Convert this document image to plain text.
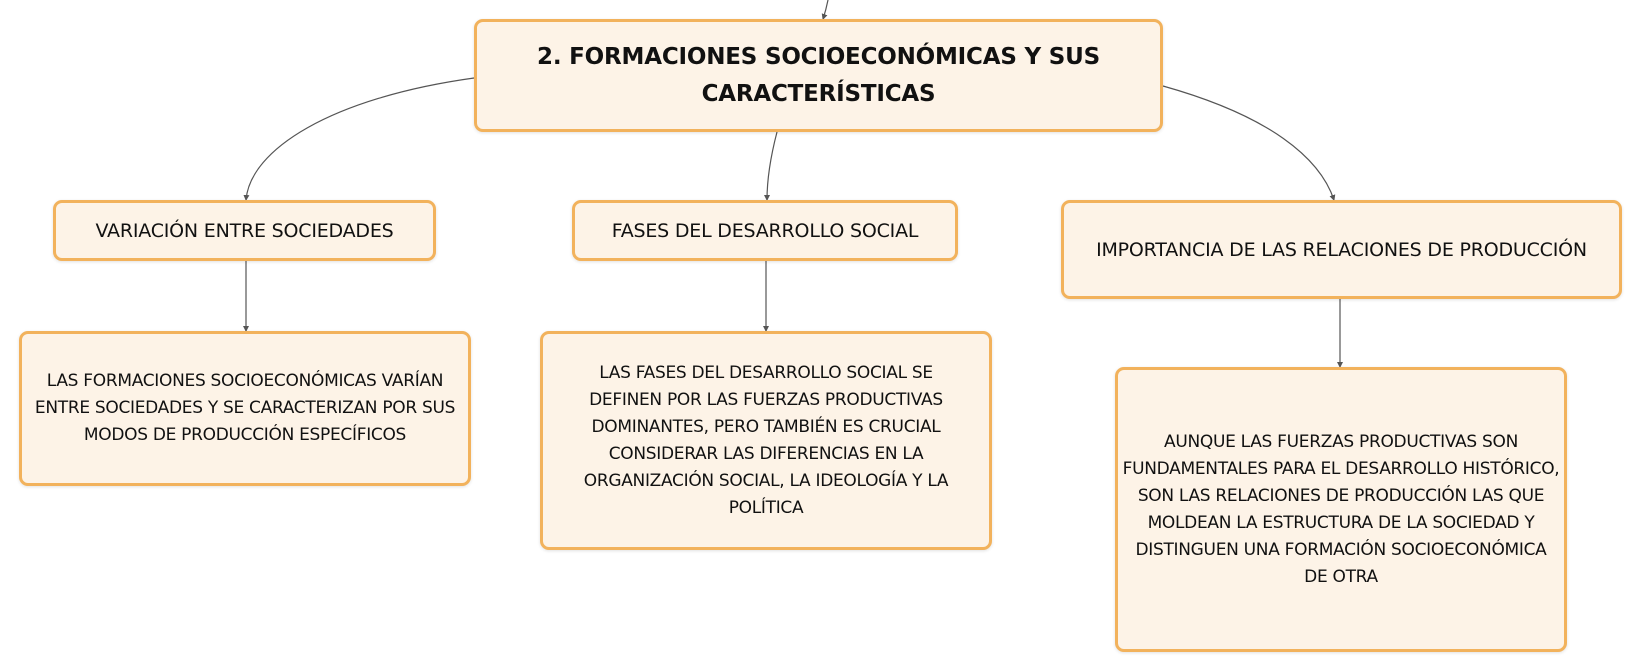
2. FORMACIONES SOCIOECONÓMICAS Y SUS CARACTERÍSTICAS
VARIACIÓN ENTRE SOCIEDADES	FASES DEL DESARROLLO SOCIAL
IMPORTANCIA DE LAS RELACIONES DE PRODUCCIÓN
LAS FORMACIONES SOCIOECONÓMICAS VARÍAN ENTRE SOCIEDADES Y SE CARACTERIZAN POR SUS MODOS DE PRODUCCIÓN ESPECÍFICOS
LAS FASES DEL DESARROLLO SOCIAL SE DEFINEN POR LAS FUERZAS PRODUCTIVAS DOMINANTES, PERO TAMBIÉN ES CRUCIAL CONSIDERAR LAS DIFERENCIAS EN LA ORGANIZACIÓN SOCIAL, LA IDEOLOGÍA Y LA POLÍTICA
AUNQUE LAS FUERZAS PRODUCTIVAS SON FUNDAMENTALES PARA EL DESARROLLO HISTÓRICO, SON LAS RELACIONES DE PRODUCCIÓN LAS QUE MOLDEAN LA ESTRUCTURA DE LA SOCIEDAD Y DISTINGUEN UNA FORMACIÓN SOCIOECONÓMICA DE OTRA
